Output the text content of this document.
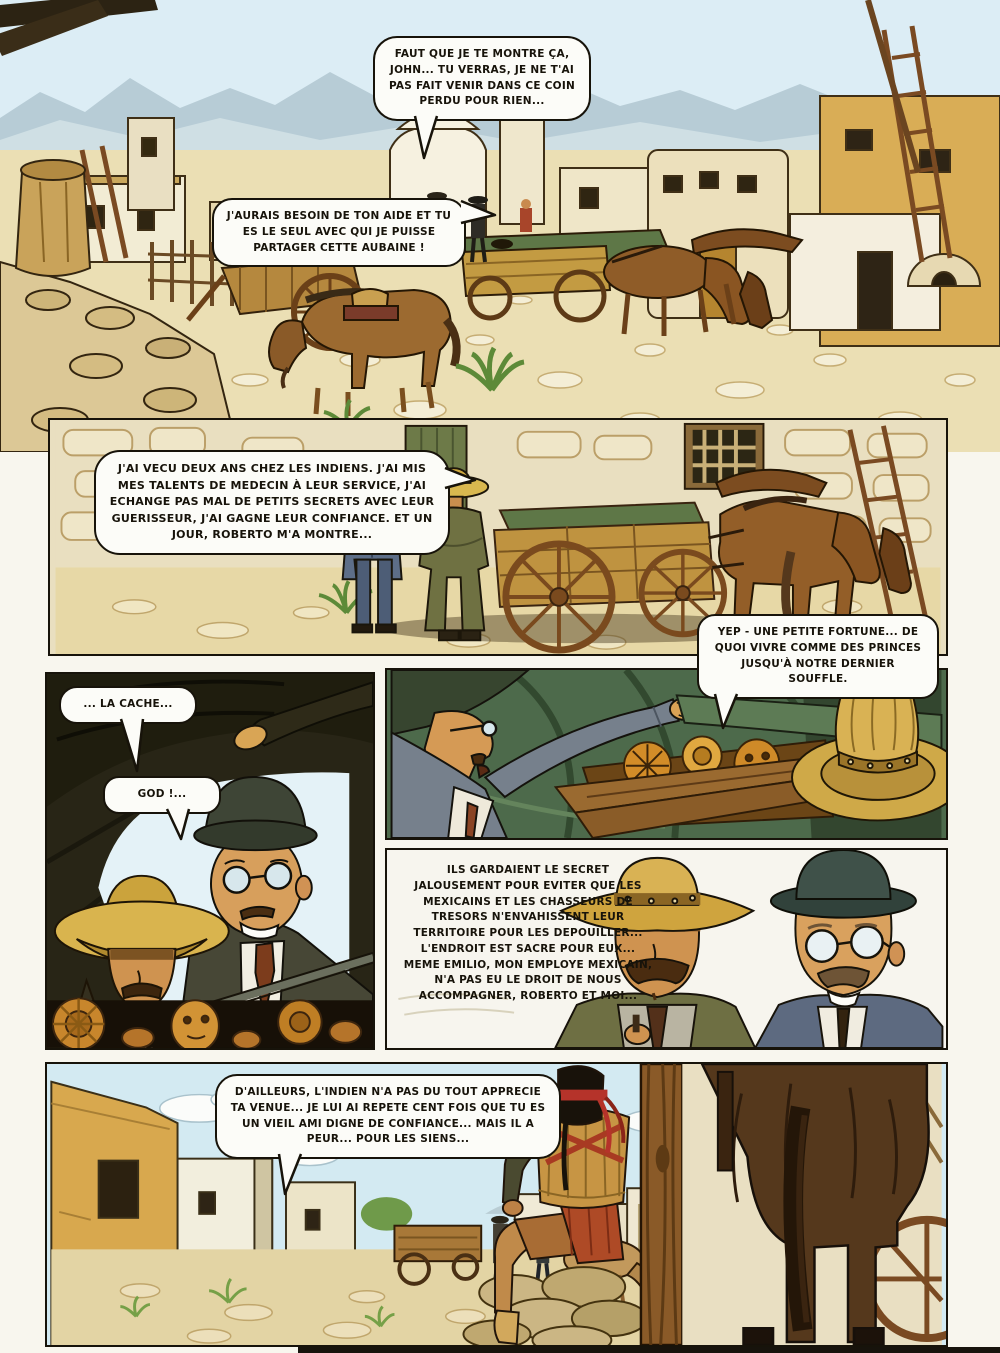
FAUT QUE JE TE MONTRE ÇA, JOHN... TU VERRAS, JE NE T'AI PAS FAIT VENIR DANS CE COIN PERDU POUR RIEN...
J'AURAIS BESOIN DE TON AIDE ET TU ES LE SEUL AVEC QUI JE PUISSE PARTAGER CETTE AUBAINE !
J'AI VECU DEUX ANS CHEZ LES INDIENS. J'AI MIS MES TALENTS DE MEDECIN À LEUR SERVICE, J'AI ECHANGE PAS MAL DE PETITS SECRETS AVEC LEUR GUERISSEUR, J'AI GAGNE LEUR CONFIANCE. ET UN JOUR, ROBERTO M'A MONTRE...
... LA CACHE...
GOD !...
YEP - UNE PETITE FORTUNE... DE QUOI VIVRE COMME DES PRINCES JUSQU'À NOTRE DERNIER SOUFFLE.
ILS GARDAIENT LE SECRET JALOUSEMENT POUR EVITER QUE LES MEXICAINS ET LES CHASSEURS DE TRESORS N'ENVAHISSENT LEUR TERRITOIRE POUR LES DEPOUILLER... L'ENDROIT EST SACRE POUR EUX... MEME EMILIO, MON EMPLOYE MEXICAIN, N'A PAS EU LE DROIT DE NOUS ACCOMPAGNER, ROBERTO ET MOI...
D'AILLEURS, L'INDIEN N'A PAS DU TOUT APPRECIE TA VENUE... JE LUI AI REPETE CENT FOIS QUE TU ES UN VIEIL AMI DIGNE DE CONFIANCE... MAIS IL A PEUR... POUR LES SIENS...
